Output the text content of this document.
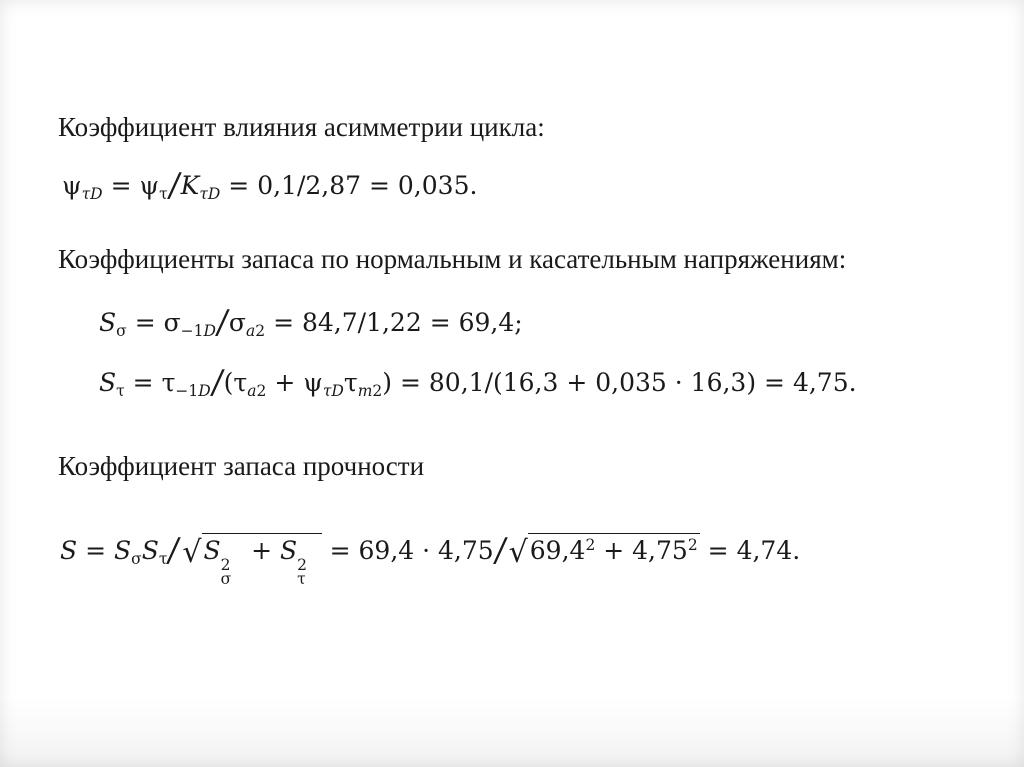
Коэффициент влияния асимметрии цикла:
$\psi_{\tau D} = \psi_\tau/K_{\tau D} = 0,1/2,87 = 0,035$.
Коэффициенты запаса по нормальным и касательным напряжениям:
$S_\sigma = \sigma_{-1D}/\sigma_{a2} = 84,7/1,22 = 69,4$;
$S_\tau = \tau_{-1D}/(\tau_{a2} + \psi_{\tau D}\tau_{m2}) = 80,1/(16,3 + 0,035 \cdot 16,3) = 4,75$.
Коэффициент запаса прочности
$S = S_\sigma S_\tau/√S$
2
σ
+ S
2
τ
= $69,4 \cdot 4,75/√69,4^2 + 4,75^2 = 4,74$.
